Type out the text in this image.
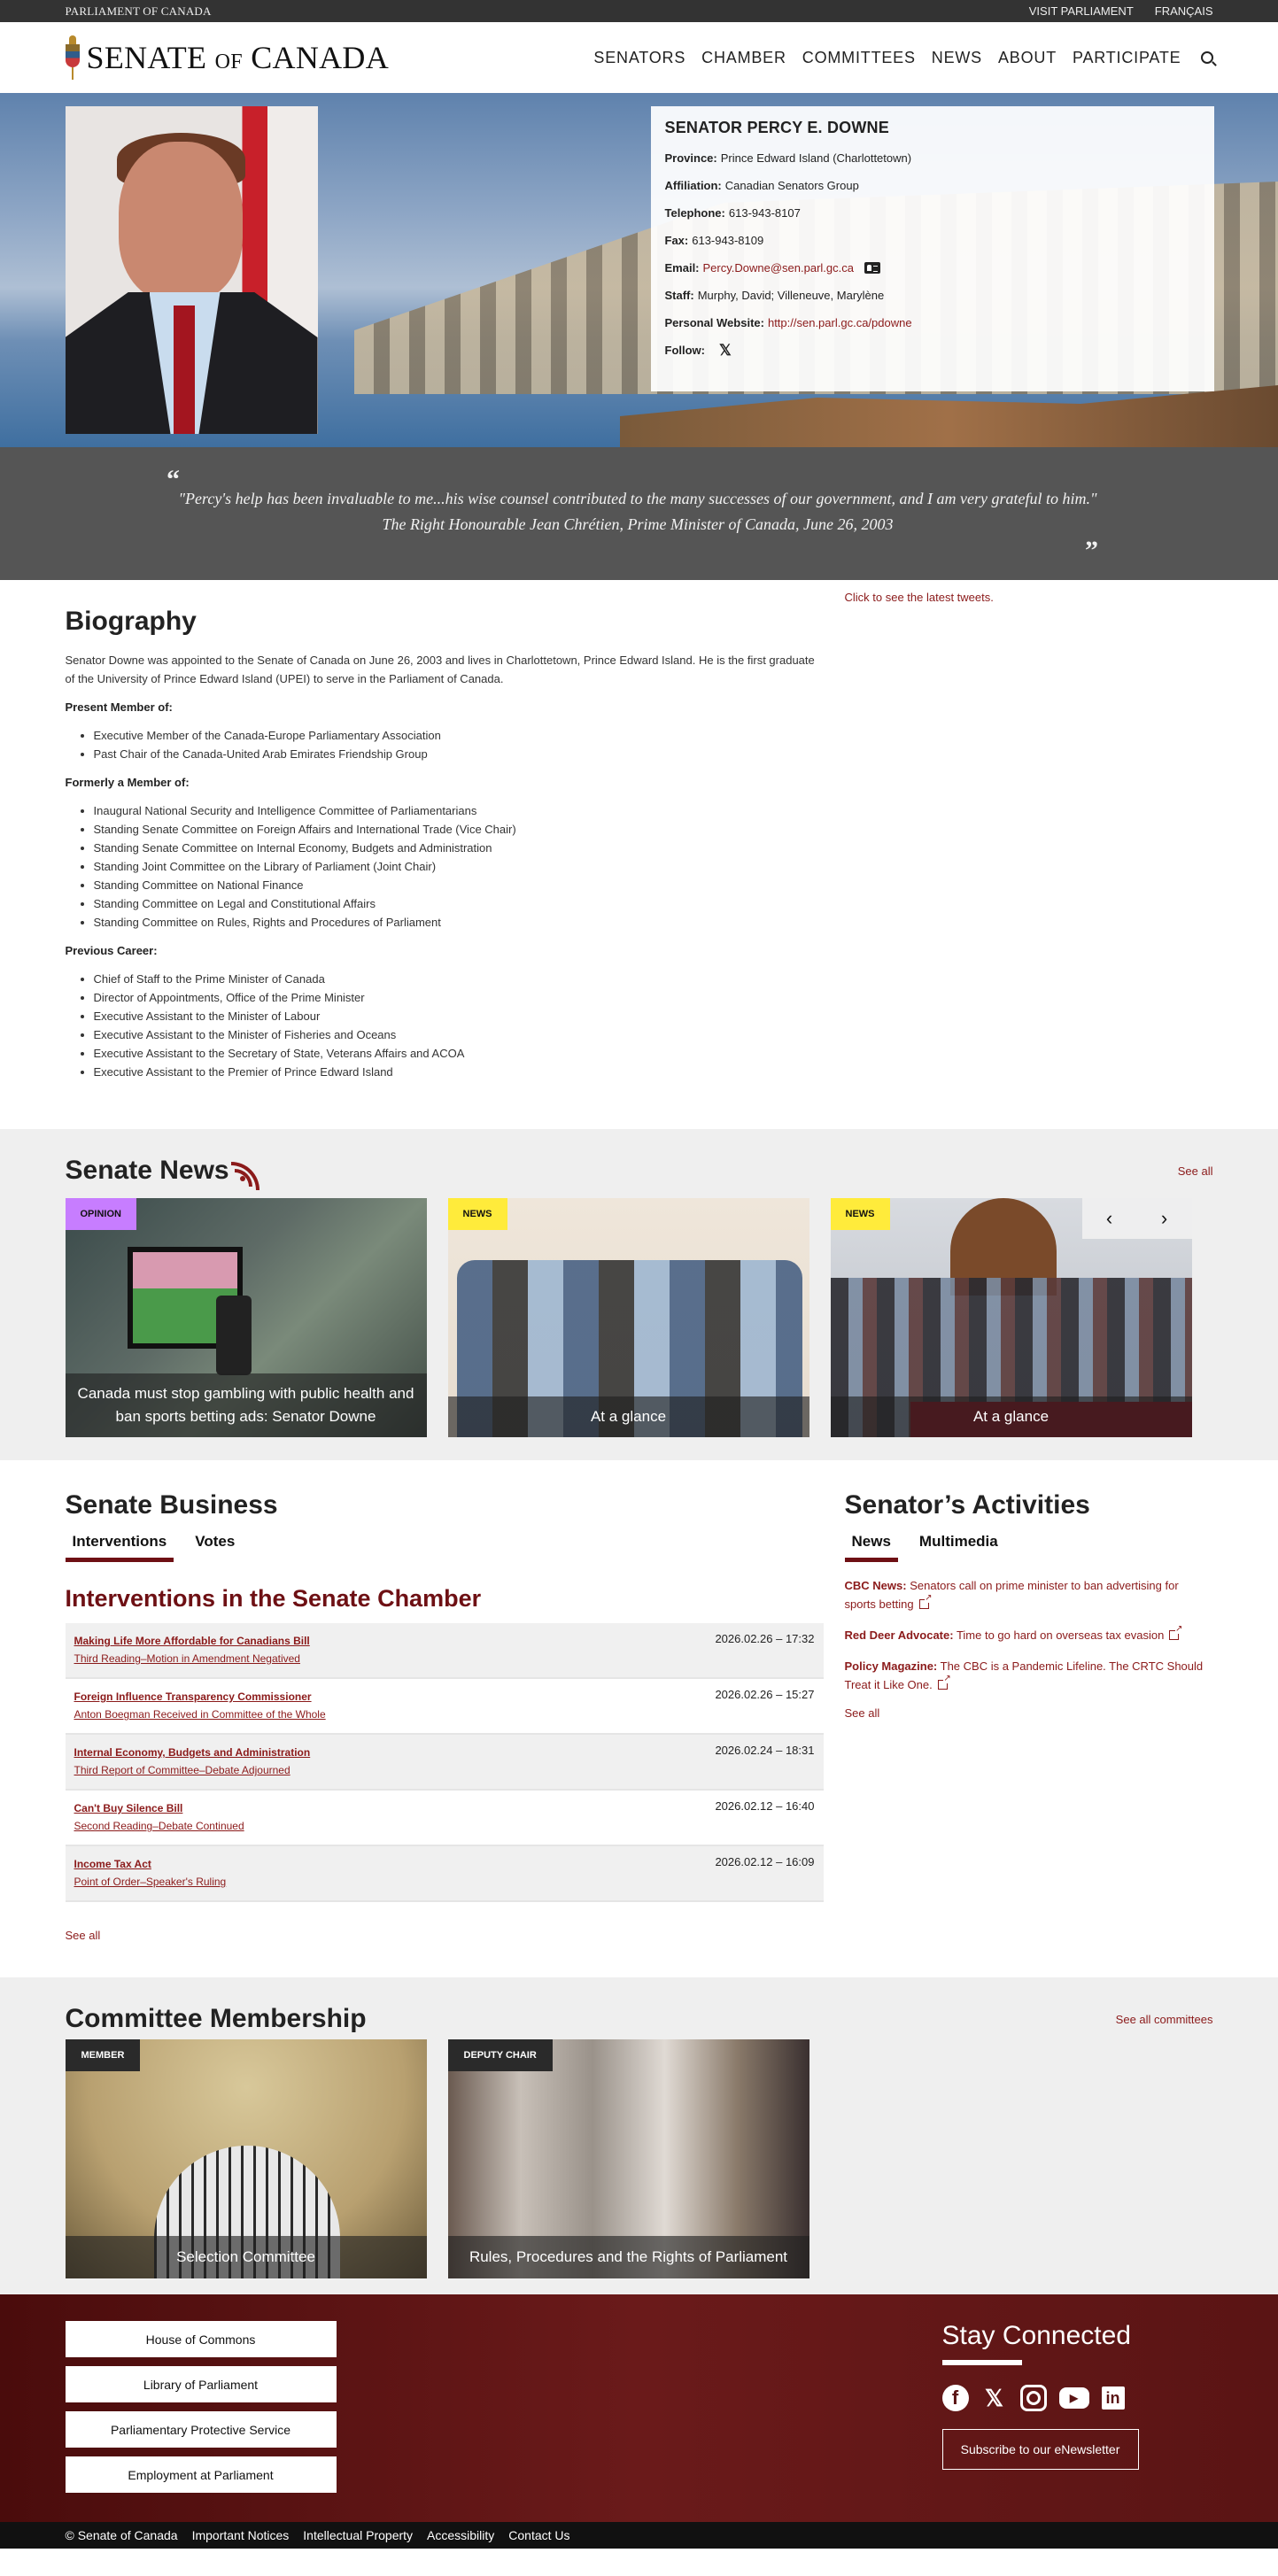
PARLIAMENT OF CANADA	VISIT PARLIAMENT FRANÇAIS
SENATE OF CANADA	SENATORS CHAMBER COMMITTEES NEWS ABOUT PARTICIPATE
SENATOR PERCY E. DOWNE
Province: Prince Edward Island (Charlottetown)
Affiliation: Canadian Senators Group
Telephone: 613-943-8107
Fax: 613-943-8109
Email: Percy.Downe@sen.parl.gc.ca
Staff: Murphy, David; Villeneuve, Marylène
Personal Website: http://sen.parl.gc.ca/pdowne
Follow: 𝕏
“

"Percy's help has been invaluable to me...his wise counsel contributed to the many successes of our government, and I am very grateful to him." The Right Honourable Jean Chrétien, Prime Minister of Canada, June 26, 2003

”
Biography

Senator Downe was appointed to the Senate of Canada on June 26, 2003 and lives in Charlottetown, Prince Edward Island. He is the first graduate of the University of Prince Edward Island (UPEI) to serve in the Parliament of Canada.

Present Member of:
• Executive Member of the Canada-Europe Parliamentary Association
• Past Chair of the Canada-United Arab Emirates Friendship Group
Formerly a Member of:
• Inaugural National Security and Intelligence Committee of Parliamentarians
• Standing Senate Committee on Foreign Affairs and International Trade (Vice Chair)
• Standing Senate Committee on Internal Economy, Budgets and Administration
• Standing Joint Committee on the Library of Parliament (Joint Chair)
• Standing Committee on National Finance
• Standing Committee on Legal and Constitutional Affairs
• Standing Committee on Rules, Rights and Procedures of Parliament
Previous Career:
• Chief of Staff to the Prime Minister of Canada
• Director of Appointments, Office of the Prime Minister
• Executive Assistant to the Minister of Labour
• Executive Assistant to the Minister of Fisheries and Oceans
• Executive Assistant to the Secretary of State, Veterans Affairs and ACOA
• Executive Assistant to the Premier of Prince Edward Island
Click to see the latest tweets.
Senate News	See all
OPINION
Canada must stop gambling with public health and ban sports betting ads: Senator Downe
NEWS
At a glance
NEWS
At a glance
‹	›
Senate Business
Interventions	Votes
Interventions in the Senate Chamber
Making Life More Affordable for Canadians Bill
Third Reading–Motion in Amendment Negatived
2026.02.26 – 17:32
Foreign Influence Transparency Commissioner
Anton Boegman Received in Committee of the Whole
2026.02.26 – 15:27
Internal Economy, Budgets and Administration
Third Report of Committee–Debate Adjourned
2026.02.24 – 18:31
Can't Buy Silence Bill
Second Reading–Debate Continued
2026.02.12 – 16:40
Income Tax Act
Point of Order–Speaker's Ruling
2026.02.12 – 16:09
See all
Senator’s Activities
News	Multimedia
CBC News: Senators call on prime minister to ban advertising for sports betting↗
Red Deer Advocate: Time to go hard on overseas tax evasion↗
Policy Magazine: The CBC is a Pandemic Lifeline. The CRTC Should Treat it Like One.↗
See all
Committee Membership	See all committees
MEMBER
Selection Committee
DEPUTY CHAIR
Rules, Procedures and the Rights of Parliament
House of Commons
Library of Parliament
Parliamentary Protective Service
Employment at Parliament
Stay Connected
f	𝕏	▶	in
Subscribe to our eNewsletter
© Senate of Canada Important Notices Intellectual Property Accessibility Contact Us
